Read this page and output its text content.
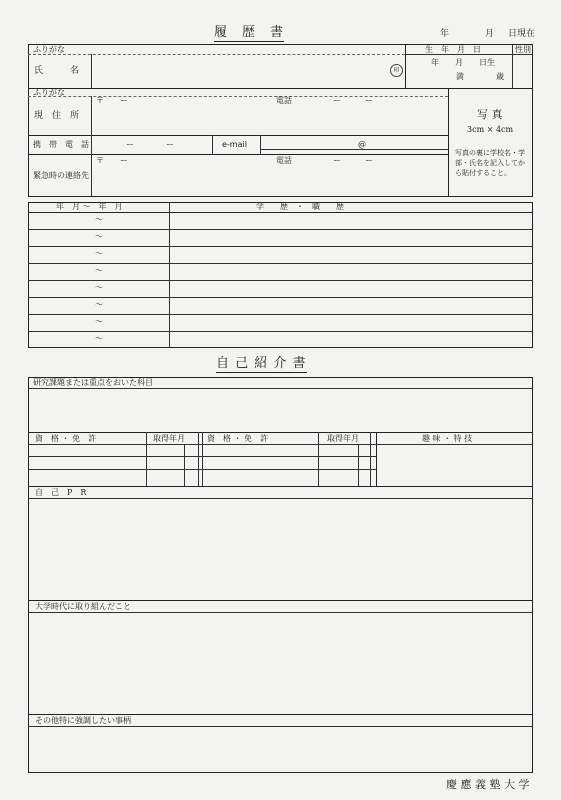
履　歴　書	年	月 日現在
ふりがな
氏　　　名	印
生　年　月　日	性別
年　　月　　日生
満　　　　歳
ふりがな
現　住　所
〒　　ー	電話	ー　　　ー
携　帯　電　話	ー　　　　ー	e-mail	@
緊急時の連絡先
〒　　ー	電話	ー　　　ー
写 真
3cm × 4cm
写真の裏に学校名・学
部・氏名を記入してか
ら貼付すること。
年　月 〜　年　月	学　　歴　・　職　　歴
〜
〜
〜
〜
〜
〜
〜
〜
自 己 紹 介 書
研究課題または重点をおいた科目
資　格 ・ 免　許	取得年月	資　格 ・ 免　許	取得年月	趣 味 ・ 特 技
自　己　P　R
大学時代に取り組んだこと
その他特に強調したい事柄
慶 應 義 塾 大 学
